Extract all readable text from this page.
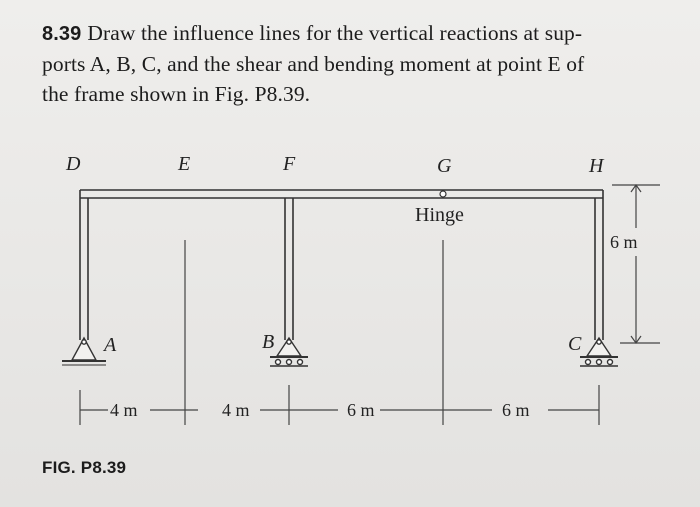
8.39 Draw the influence lines for the vertical reactions at sup-
ports A, B, C, and the shear and bending moment at point E of
the frame shown in Fig. P8.39.
D	E	F	G	H
A	B	C
Hinge
4 m	4 m	6 m	6 m
6 m
FIG. P8.39
